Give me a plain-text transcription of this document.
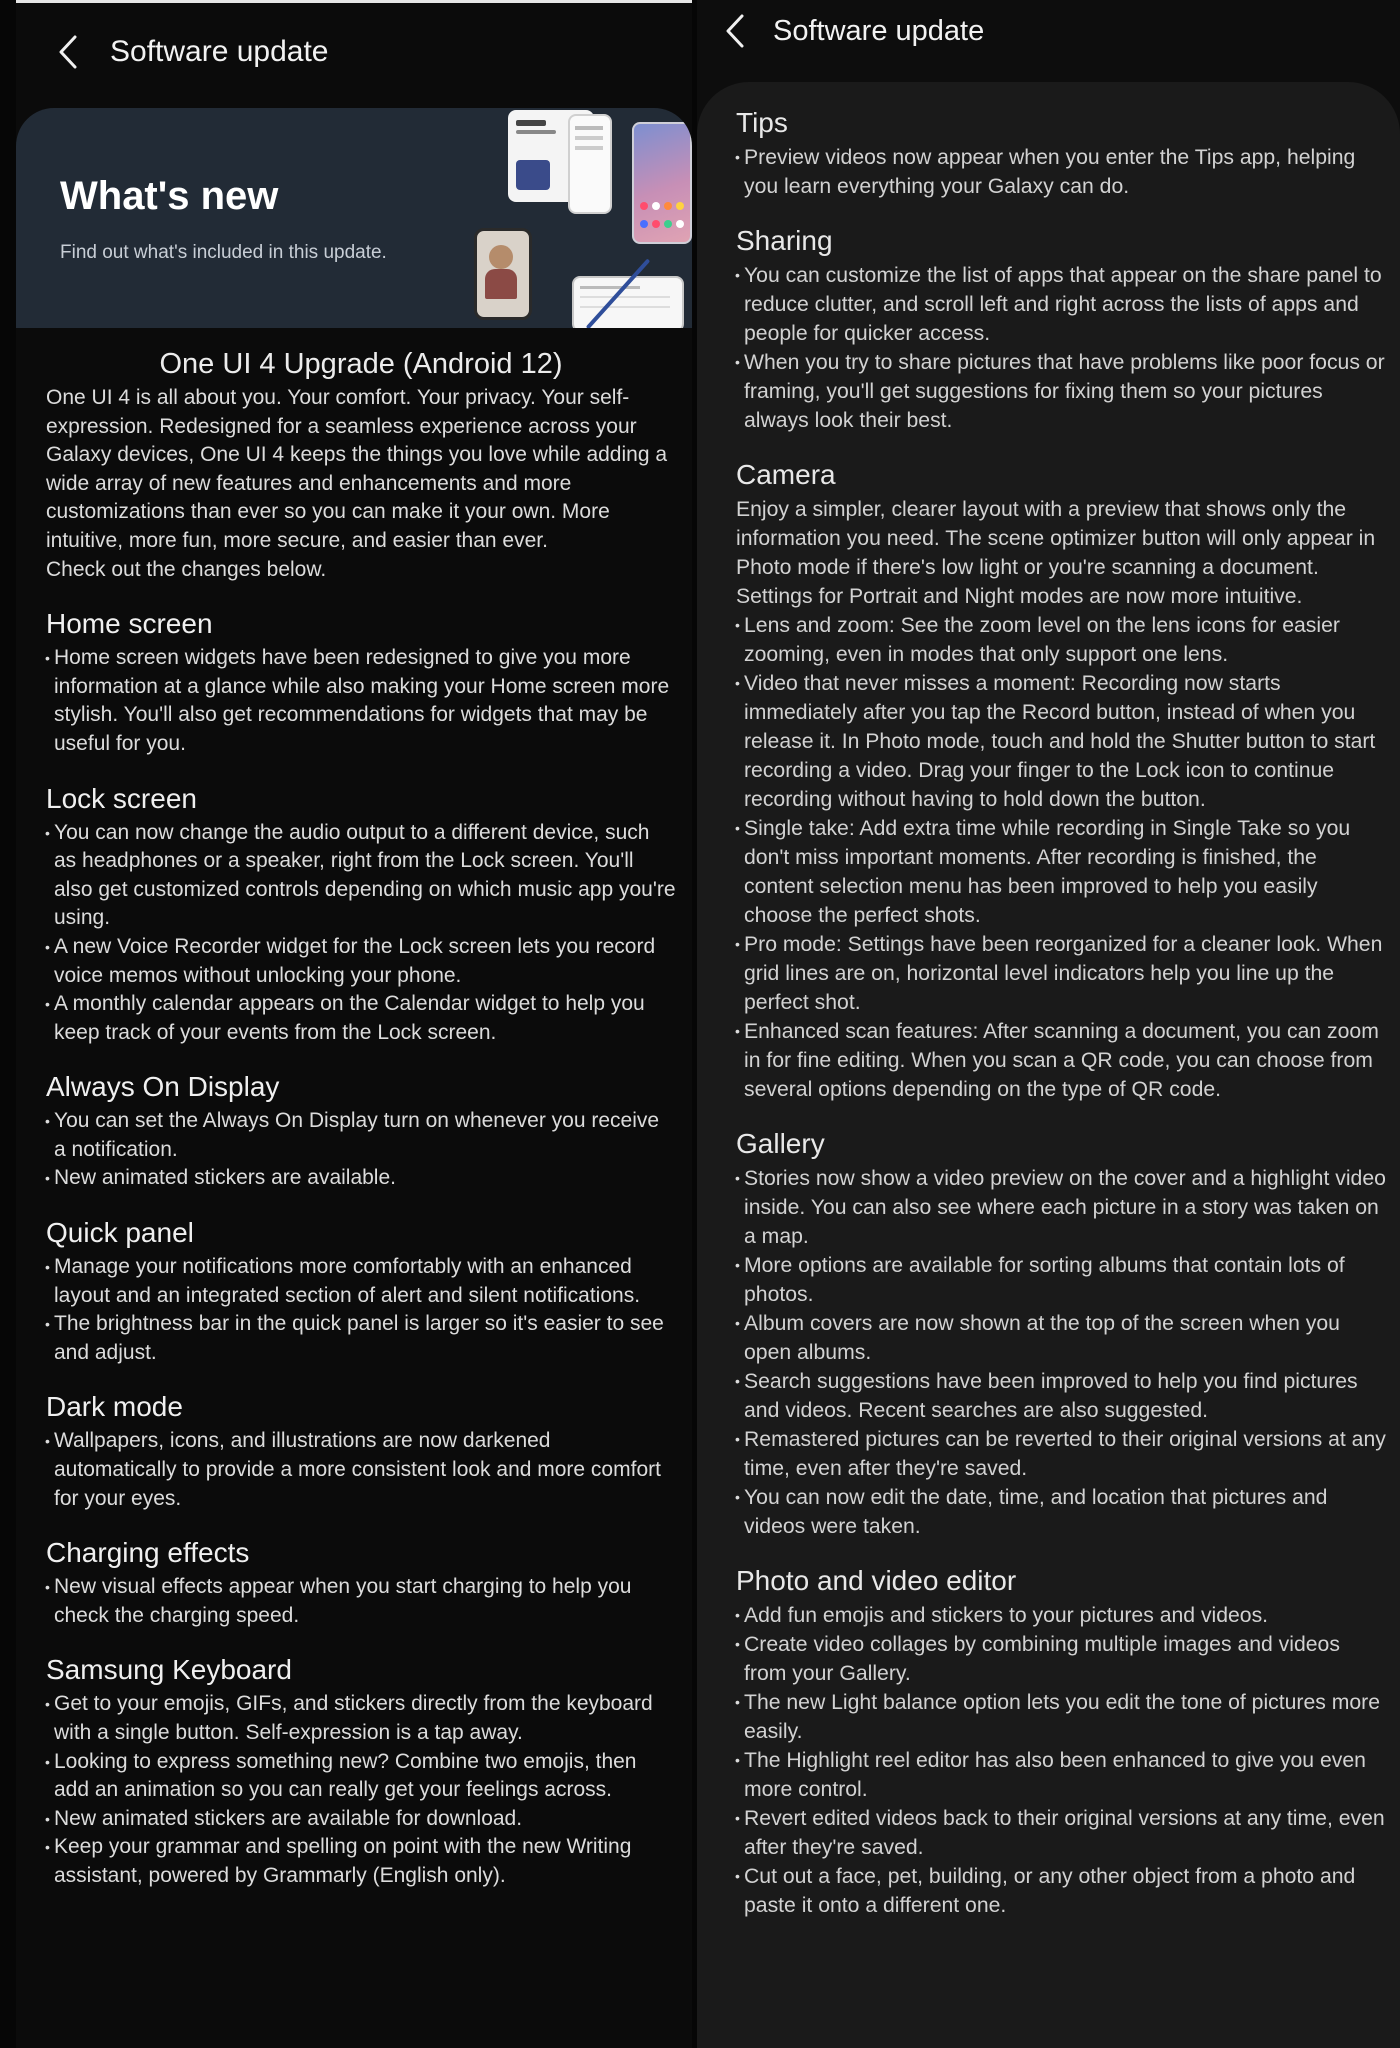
Software update
What's new
Find out what's included in this update.
One UI 4 Upgrade (Android 12)

One UI 4 is all about you. Your comfort. Your privacy. Your self-expression. Redesigned for a seamless experience across your Galaxy devices, One UI 4 keeps the things you love while adding a wide array of new features and enhancements and more customizations than ever so you can make it your own. More intuitive, more fun, more secure, and easier than ever.

Check out the changes below.

Home screen

• Home screen widgets have been redesigned to give you more information at a glance while also making your Home screen more stylish. You'll also get recommendations for widgets that may be useful for you.

Lock screen

• You can now change the audio output to a different device, such as headphones or a speaker, right from the Lock screen. You'll also get customized controls depending on which music app you're using.

• A new Voice Recorder widget for the Lock screen lets you record voice memos without unlocking your phone.

• A monthly calendar appears on the Calendar widget to help you keep track of your events from the Lock screen.

Always On Display

• You can set the Always On Display turn on whenever you receive a notification.

• New animated stickers are available.

Quick panel

• Manage your notifications more comfortably with an enhanced layout and an integrated section of alert and silent notifications.

• The brightness bar in the quick panel is larger so it's easier to see and adjust.

Dark mode

• Wallpapers, icons, and illustrations are now darkened automatically to provide a more consistent look and more comfort for your eyes.

Charging effects

• New visual effects appear when you start charging to help you check the charging speed.

Samsung Keyboard

• Get to your emojis, GIFs, and stickers directly from the keyboard with a single button. Self-expression is a tap away.

• Looking to express something new? Combine two emojis, then add an animation so you can really get your feelings across.

• New animated stickers are available for download.

• Keep your grammar and spelling on point with the new Writing assistant, powered by Grammarly (English only).

Software update
Tips

• Preview videos now appear when you enter the Tips app, helping you learn everything your Galaxy can do.

Sharing

• You can customize the list of apps that appear on the share panel to reduce clutter, and scroll left and right across the lists of apps and people for quicker access.

• When you try to share pictures that have problems like poor focus or framing, you'll get suggestions for fixing them so your pictures always look their best.

Camera

Enjoy a simpler, clearer layout with a preview that shows only the information you need. The scene optimizer button will only appear in Photo mode if there's low light or you're scanning a document. Settings for Portrait and Night modes are now more intuitive.

• Lens and zoom: See the zoom level on the lens icons for easier zooming, even in modes that only support one lens.

• Video that never misses a moment: Recording now starts immediately after you tap the Record button, instead of when you release it. In Photo mode, touch and hold the Shutter button to start recording a video. Drag your finger to the Lock icon to continue recording without having to hold down the button.

• Single take: Add extra time while recording in Single Take so you don't miss important moments. After recording is finished, the content selection menu has been improved to help you easily choose the perfect shots.

• Pro mode: Settings have been reorganized for a cleaner look. When grid lines are on, horizontal level indicators help you line up the perfect shot.

• Enhanced scan features: After scanning a document, you can zoom in for fine editing. When you scan a QR code, you can choose from several options depending on the type of QR code.

Gallery

• Stories now show a video preview on the cover and a highlight video inside. You can also see where each picture in a story was taken on a map.

• More options are available for sorting albums that contain lots of photos.

• Album covers are now shown at the top of the screen when you open albums.

• Search suggestions have been improved to help you find pictures and videos. Recent searches are also suggested.

• Remastered pictures can be reverted to their original versions at any time, even after they're saved.

• You can now edit the date, time, and location that pictures and videos were taken.

Photo and video editor

• Add fun emojis and stickers to your pictures and videos.

• Create video collages by combining multiple images and videos from your Gallery.

• The new Light balance option lets you edit the tone of pictures more easily.

• The Highlight reel editor has also been enhanced to give you even more control.

• Revert edited videos back to their original versions at any time, even after they're saved.

• Cut out a face, pet, building, or any other object from a photo and paste it onto a different one.
